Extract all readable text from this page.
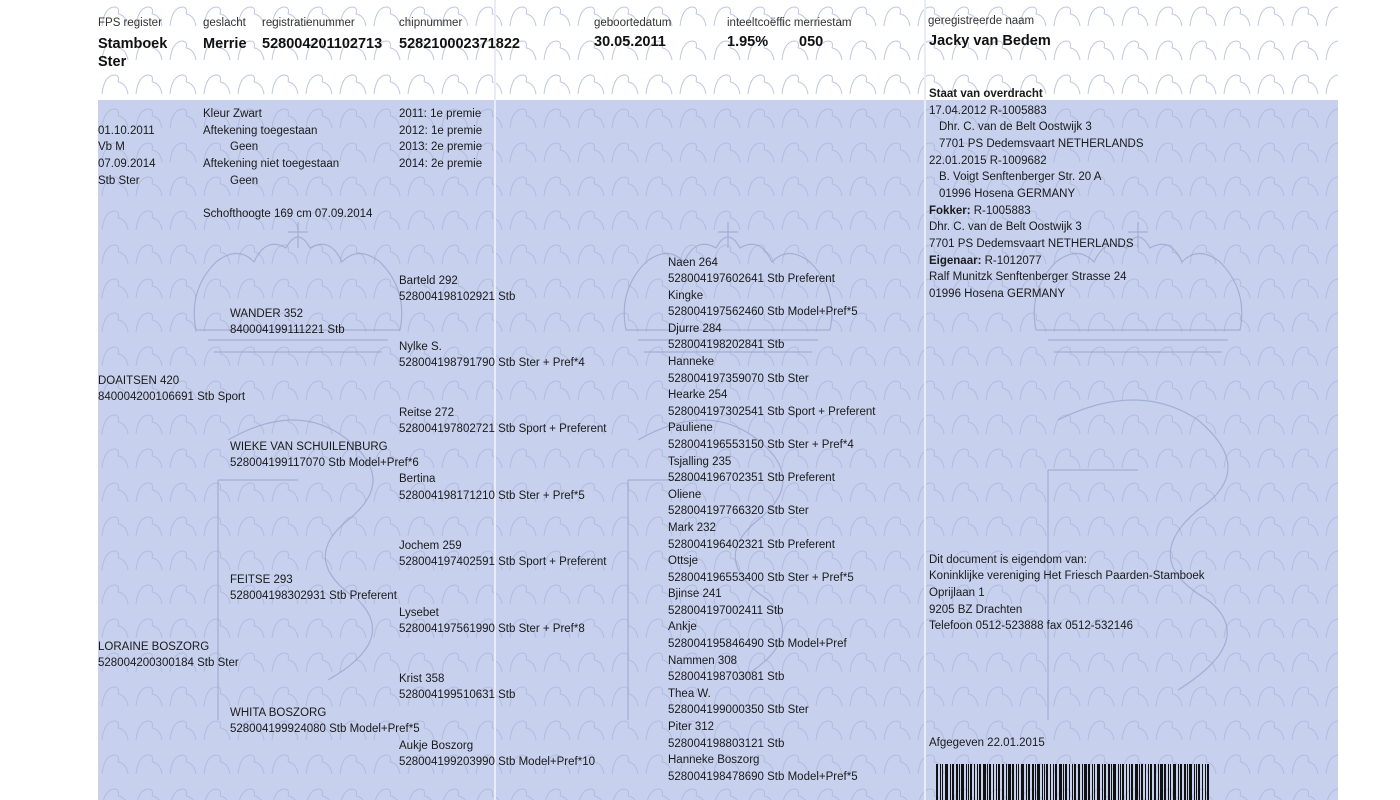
FPS register	geslacht registratienummer	chipnummer	geboortedatum	inteeltcoëffic merriestam	geregistreerde naam
Stamboek
Ster
Merrie 528004201102713 528210002371822	30.05.2011	1.95% 050	Jacky van Bedem
01.10.2011
Vb M
07.09.2014
Stb Ster
Kleur Zwart
Aftekening toegestaan
Geen
Aftekening niet toegestaan
Geen
Schofthoogte 169 cm 07.09.2014
2011: 1e premie
2012: 1e premie
2013: 2e premie
2014: 2e premie
DOAITSEN 420
840004200106691 Stb Sport
LORAINE BOSZORG
528004200300184 Stb Ster
WANDER 352
840004199111221 Stb
WIEKE VAN SCHUILENBURG
528004199117070 Stb Model+Pref*6
FEITSE 293
528004198302931 Stb Preferent
WHITA BOSZORG
528004199924080 Stb Model+Pref*5
Barteld 292
528004198102921 Stb
Nylke S.
528004198791790 Stb Ster + Pref*4
Reitse 272
528004197802721 Stb Sport + Preferent
Bertina
528004198171210 Stb Ster + Pref*5
Jochem 259
528004197402591 Stb Sport + Preferent
Lysebet
528004197561990 Stb Ster + Pref*8
Krist 358
528004199510631 Stb
Aukje Boszorg
528004199203990 Stb Model+Pref*10
Naen 264
528004197602641 Stb Preferent
Kingke
528004197562460 Stb Model+Pref*5
Djurre 284
528004198202841 Stb
Hanneke
528004197359070 Stb Ster
Hearke 254
528004197302541 Stb Sport + Preferent
Pauliene
528004196553150 Stb Ster + Pref*4
Tsjalling 235
528004196702351 Stb Preferent
Oliene
528004197766320 Stb Ster
Mark 232
528004196402321 Stb Preferent
Ottsje
528004196553400 Stb Ster + Pref*5
Bjinse 241
528004197002411 Stb
Ankje
528004195846490 Stb Model+Pref
Nammen 308
528004198703081 Stb
Thea W.
528004199000350 Stb Ster
Piter 312
528004198803121 Stb
Hanneke Boszorg
528004198478690 Stb Model+Pref*5
Staat van overdracht
17.04.2012 R-1005883
Dhr. C. van de Belt Oostwijk 3
7701 PS Dedemsvaart NETHERLANDS
22.01.2015 R-1009682
B. Voigt Senftenberger Str. 20 A
01996 Hosena GERMANY
Fokker: R-1005883
Dhr. C. van de Belt Oostwijk 3
7701 PS Dedemsvaart NETHERLANDS
Eigenaar: R-1012077
Ralf Munitzk Senftenberger Strasse 24
01996 Hosena GERMANY
Dit document is eigendom van:
Koninklijke vereniging Het Friesch Paarden-Stamboek
Oprijlaan 1
9205 BZ Drachten
Telefoon 0512-523888 fax 0512-532146
Afgegeven 22.01.2015
